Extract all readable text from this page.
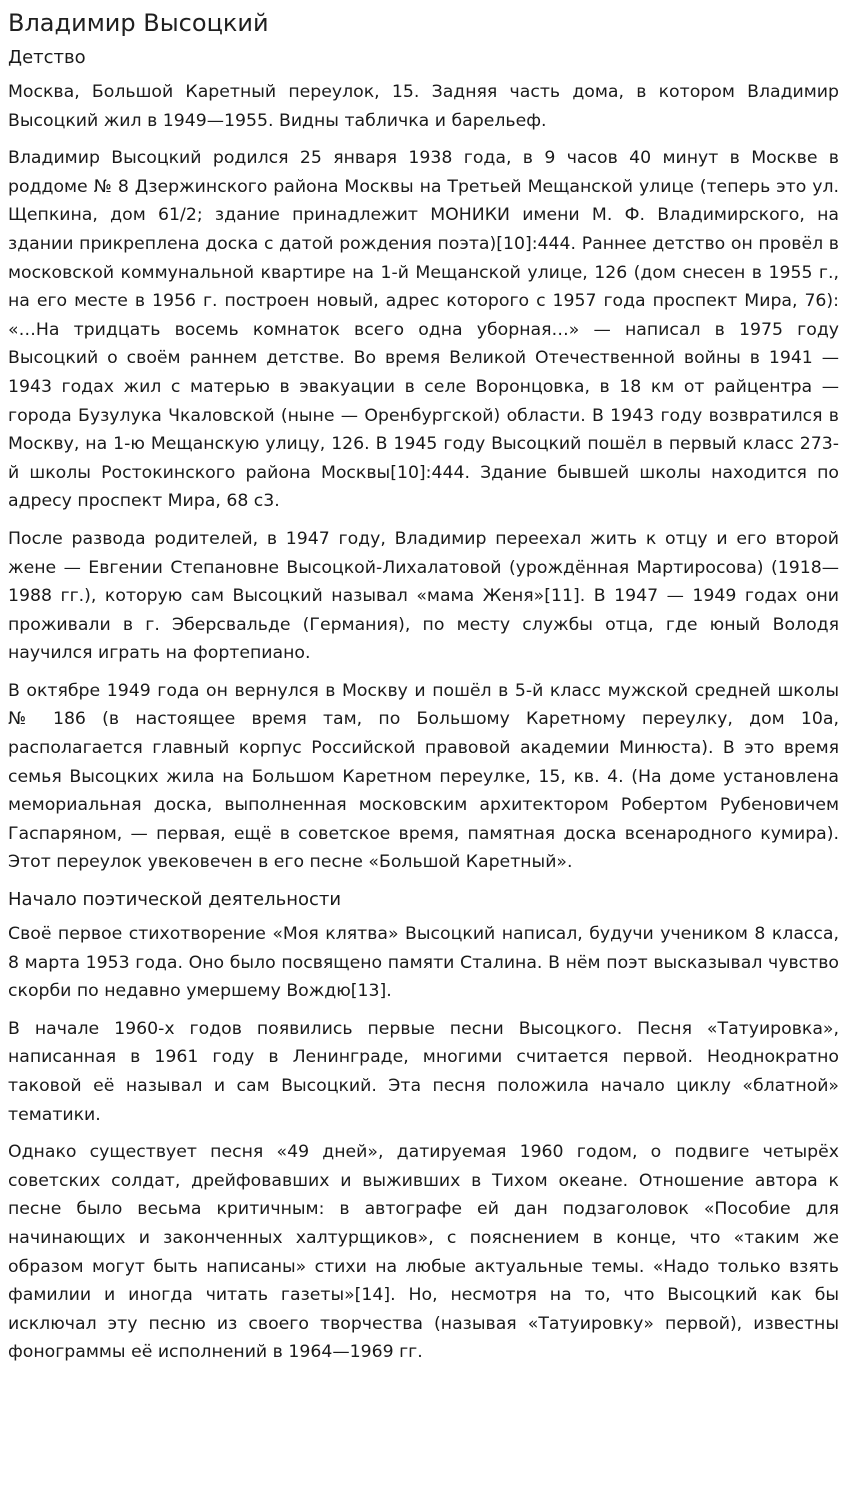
Владимир Высоцкий
Детство

Москва, Большой Каретный переулок, 15. Задняя часть дома, в котором Владимир Высоцкий жил в 1949—1955. Видны табличка и барельеф.

Владимир Высоцкий родился 25 января 1938 года, в 9 часов 40 минут в Москве в роддоме № 8 Дзержинского района Москвы на Третьей Мещанской улице (теперь это ул. Щепкина, дом 61/2; здание принадлежит МОНИКИ имени М. Ф. Владимирского, на здании прикреплена доска с датой рождения поэта)[10]:444. Раннее детство он провёл в московской коммунальной квартире на 1-й Мещанской улице, 126 (дом снесен в 1955 г., на его месте в 1956 г. построен новый, адрес которого с 1957 года проспект Мира, 76): «…На тридцать восемь комнаток всего одна уборная…» — написал в 1975 году Высоцкий о своём раннем детстве. Во время Великой Отечественной войны в 1941 — 1943 годах жил с матерью в эвакуации в селе Воронцовка, в 18 км от райцентра — города Бузулука Чкаловской (ныне — Оренбургской) области. В 1943 году возвратился в Москву, на 1-ю Мещанскую улицу, 126. В 1945 году Высоцкий пошёл в первый класс 273-й школы Ростокинского района Москвы[10]:444. Здание бывшей школы находится по адресу проспект Мира, 68 с3.

После развода родителей, в 1947 году, Владимир переехал жить к отцу и его второй жене — Евгении Степановне Высоцкой-Лихалатовой (урождённая Мартиросова) (1918—1988 гг.), которую сам Высоцкий называл «мама Женя»[11]. В 1947 — 1949 годах они проживали в г. Эберсвальде (Германия), по месту службы отца, где юный Володя научился играть на фортепиано.

В октябре 1949 года он вернулся в Москву и пошёл в 5-й класс мужской средней школы № 186 (в настоящее время там, по Большому Каретному переулку, дом 10а, располагается главный корпус Российской правовой академии Минюста). В это время семья Высоцких жила на Большом Каретном переулке, 15, кв. 4. (На доме установлена мемориальная доска, выполненная московским архитектором Робертом Рубеновичем Гаспаряном, — первая, ещё в советское время, памятная доска всенародного кумира). Этот переулок увековечен в его песне «Большой Каретный».

Начало поэтической деятельности

Своё первое стихотворение «Моя клятва» Высоцкий написал, будучи учеником 8 класса, 8 марта 1953 года. Оно было посвящено памяти Сталина. В нём поэт высказывал чувство скорби по недавно умершему Вождю[13].

В начале 1960-х годов появились первые песни Высоцкого. Песня «Татуировка», написанная в 1961 году в Ленинграде, многими считается первой. Неоднократно таковой её называл и сам Высоцкий. Эта песня положила начало циклу «блатной» тематики.

Однако существует песня «49 дней», датируемая 1960 годом, о подвиге четырёх советских солдат, дрейфовавших и выживших в Тихом океане. Отношение автора к песне было весьма критичным: в автографе ей дан подзаголовок «Пособие для начинающих и законченных халтурщиков», с пояснением в конце, что «таким же образом могут быть написаны» стихи на любые актуальные темы. «Надо только взять фамилии и иногда читать газеты»[14]. Но, несмотря на то, что Высоцкий как бы исключал эту песню из своего творчества (называя «Татуировку» первой), известны фонограммы её исполнений в 1964—1969 гг.
